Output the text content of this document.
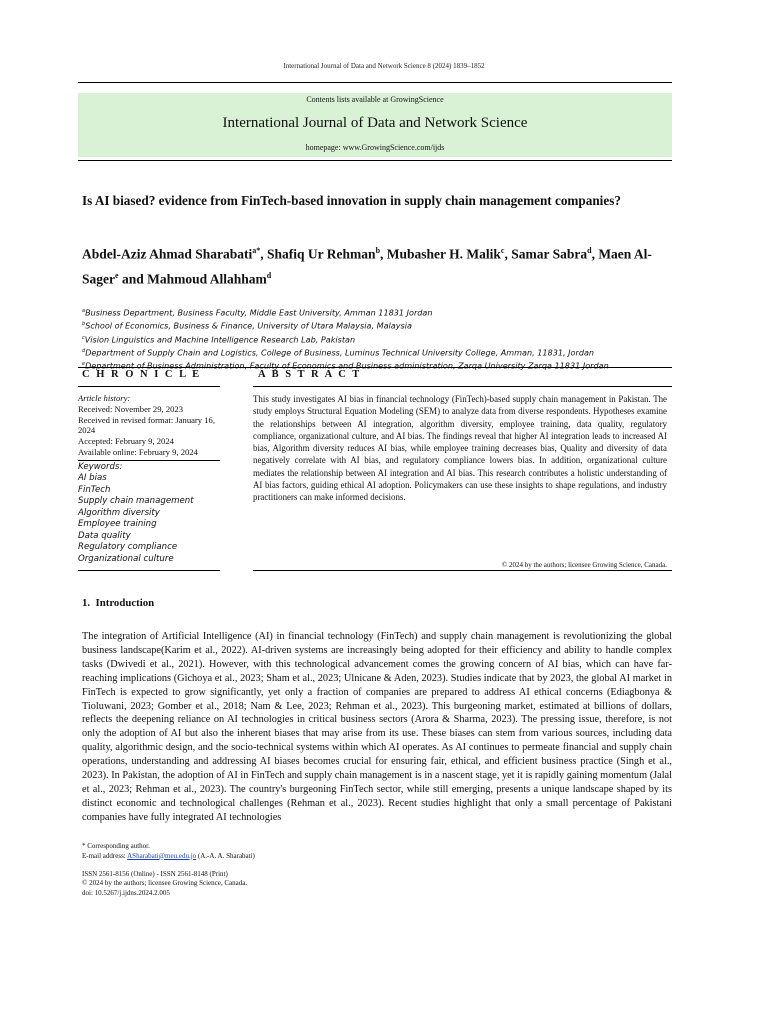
International Journal of Data and Network Science 8 (2024) 1839–1852
Contents lists available at GrowingScience
International Journal of Data and Network Science
homepage: www.GrowingScience.com/ijds
Is AI biased? evidence from FinTech-based innovation in supply chain management companies?
Abdel-Aziz Ahmad Sharabati$^{a*}$, Shafiq Ur Rehman$^b$, Mubasher H. Malik$^c$, Samar Sabra$^d$, Maen Al-Sager$^e$ and Mahmoud Allahham$^d$
$^a$Business Department, Business Faculty, Middle East University, Amman 11831 Jordan
$^b$School of Economics, Business & Finance, University of Utara Malaysia, Malaysia
$^c$Vision Linguistics and Machine Intelligence Research Lab, Pakistan
$^d$Department of Supply Chain and Logistics, College of Business, Luminus Technical University College, Amman, 11831, Jordan
$^e$Department of Business Administration, Faculty of Economics and Business administration, Zarqa University Zarqa 11831 Jordan
C H R O N I C L E	A B S T R A C T
Article history:
Received: November 29, 2023
Received in revised format: January 16, 2024
Accepted: February 9, 2024
Available online: February 9, 2024
Keywords:
AI bias
FinTech
Supply chain management
Algorithm diversity
Employee training
Data quality
Regulatory compliance
Organizational culture
This study investigates AI bias in financial technology (FinTech)-based supply chain management in Pakistan. The study employs Structural Equation Modeling (SEM) to analyze data from diverse respondents. Hypotheses examine the relationships between AI integration, algorithm diversity, employee training, data quality, regulatory compliance, organizational culture, and AI bias. The findings reveal that higher AI integration leads to increased AI bias, Algorithm diversity reduces AI bias, while employee training decreases bias, Quality and diversity of data negatively correlate with AI bias, and regulatory compliance lowers bias. In addition, organizational culture mediates the relationship between AI integration and AI bias. This research contributes a holistic understanding of AI bias factors, guiding ethical AI adoption. Policymakers can use these insights to shape regulations, and industry practitioners can make informed decisions.
© 2024 by the authors; licensee Growing Science, Canada.
1. Introduction
The integration of Artificial Intelligence (AI) in financial technology (FinTech) and supply chain management is revolutionizing the global business landscape(Karim et al., 2022). AI-driven systems are increasingly being adopted for their efficiency and ability to handle complex tasks (Dwivedi et al., 2021). However, with this technological advancement comes the growing concern of AI bias, which can have far-reaching implications (Gichoya et al., 2023; Sham et al., 2023; Ulnicane & Aden, 2023). Studies indicate that by 2023, the global AI market in FinTech is expected to grow significantly, yet only a fraction of companies are prepared to address AI ethical concerns (Ediagbonya & Tioluwani, 2023; Gomber et al., 2018; Nam & Lee, 2023; Rehman et al., 2023). This burgeoning market, estimated at billions of dollars, reflects the deepening reliance on AI technologies in critical business sectors (Arora & Sharma, 2023). The pressing issue, therefore, is not only the adoption of AI but also the inherent biases that may arise from its use. These biases can stem from various sources, including data quality, algorithmic design, and the socio-technical systems within which AI operates. As AI continues to permeate financial and supply chain operations, understanding and addressing AI biases becomes crucial for ensuring fair, ethical, and efficient business practice (Singh et al., 2023). In Pakistan, the adoption of AI in FinTech and supply chain management is in a nascent stage, yet it is rapidly gaining momentum (Jalal et al., 2023; Rehman et al., 2023). The country's burgeoning FinTech sector, while still emerging, presents a unique landscape shaped by its distinct economic and technological challenges (Rehman et al., 2023). Recent studies highlight that only a small percentage of Pakistani companies have fully integrated AI technologies
* Corresponding author.
E-mail address: ASharabati@meu.edu.jo (A.-A. A. Sharabati)
ISSN 2561-8156 (Online) - ISSN 2561-8148 (Print)
© 2024 by the authors; licensee Growing Science, Canada.
doi: 10.5267/j.ijdns.2024.2.005
